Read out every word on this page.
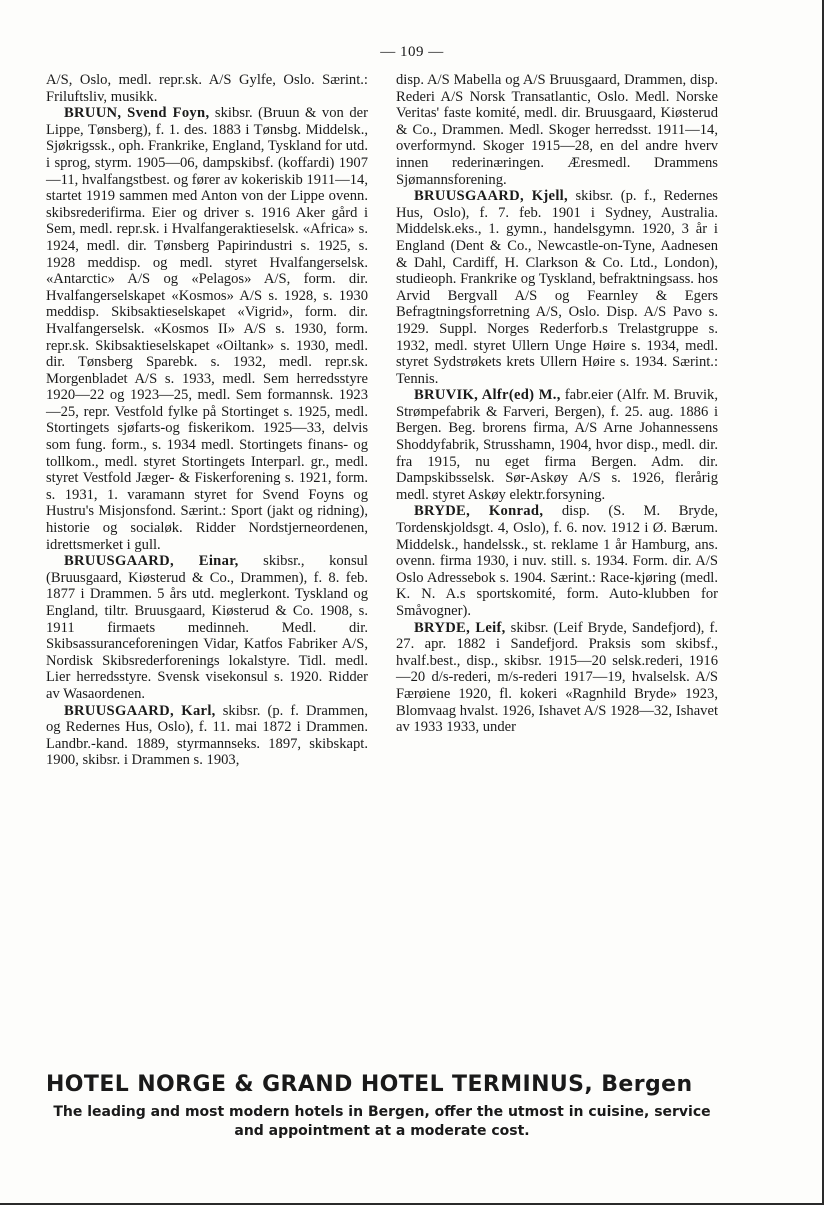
— 109 —

A/S, Oslo, medl. repr.sk. A/S Gylfe, Oslo. Særint.: Friluftsliv, musikk.

BRUUN, Svend Foyn, skibsr. (Bruun & von der Lippe, Tønsberg), f. 1. des. 1883 i Tønsbg. Middelsk., Sjøkrigssk., oph. Frankrike, England, Tyskland for utd. i sprog, styrm. 1905—06, dampskibsf. (koffardi) 1907—11, hvalfangstbest. og fører av kokeriskib 1911—14, startet 1919 sammen med Anton von der Lippe ovenn. skibsrederifirma. Eier og driver s. 1916 Aker gård i Sem, medl. repr.sk. i Hvalfangeraktieselsk. «Africa» s. 1924, medl. dir. Tønsberg Papirindustri s. 1925, s. 1928 meddisp. og medl. styret Hvalfangerselsk. «Antarctic» A/S og «Pelagos» A/S, form. dir. Hvalfangerselskapet «Kosmos» A/S s. 1928, s. 1930 meddisp. Skibsaktieselskapet «Vigrid», form. dir. Hvalfangerselsk. «Kosmos II» A/S s. 1930, form. repr.sk. Skibsaktieselskapet «Oiltank» s. 1930, medl. dir. Tønsberg Sparebk. s. 1932, medl. repr.sk. Morgenbladet A/S s. 1933, medl. Sem herredsstyre 1920—22 og 1923—25, medl. Sem formannsk. 1923—25, repr. Vestfold fylke på Stortinget s. 1925, medl. Stortingets sjøfarts-og fiskerikom. 1925—33, delvis som fung. form., s. 1934 medl. Stortingets finans- og tollkom., medl. styret Stortingets Interparl. gr., medl. styret Vestfold Jæger- & Fiskerforening s. 1921, form. s. 1931, 1. varamann styret for Svend Foyns og Hustru's Misjonsfond. Særint.: Sport (jakt og ridning), historie og socialøk. Ridder Nordstjerneordenen, idrettsmerket i gull.

BRUUSGAARD, Einar, skibsr., konsul (Bruusgaard, Kiøsterud & Co., Drammen), f. 8. feb. 1877 i Drammen. 5 års utd. meglerkont. Tyskland og England, tiltr. Bruusgaard, Kiøsterud & Co. 1908, s. 1911 firmaets medinneh. Medl. dir. Skibsassuranceforeningen Vidar, Katfos Fabriker A/S, Nordisk Skibsrederforenings lokalstyre. Tidl. medl. Lier herredsstyre. Svensk visekonsul s. 1920. Ridder av Wasaordenen.

BRUUSGAARD, Karl, skibsr. (p. f. Drammen, og Redernes Hus, Oslo), f. 11. mai 1872 i Drammen. Landbr.-kand. 1889, styrmannseks. 1897, skibskapt. 1900, skibsr. i Drammen s. 1903,

disp. A/S Mabella og A/S Bruusgaard, Drammen, disp. Rederi A/S Norsk Transatlantic, Oslo. Medl. Norske Veritas' faste komité, medl. dir. Bruusgaard, Kiøsterud & Co., Drammen. Medl. Skoger herredsst. 1911—14, overformynd. Skoger 1915—28, en del andre hverv innen rederinæringen. Æresmedl. Drammens Sjømannsforening.

BRUUSGAARD, Kjell, skibsr. (p. f., Redernes Hus, Oslo), f. 7. feb. 1901 i Sydney, Australia. Middelsk.eks., 1. gymn., handelsgymn. 1920, 3 år i England (Dent & Co., Newcastle-on-Tyne, Aadnesen & Dahl, Cardiff, H. Clarkson & Co. Ltd., London), studieoph. Frankrike og Tyskland, befraktningsass. hos Arvid Bergvall A/S og Fearnley & Egers Befragtningsforretning A/S, Oslo. Disp. A/S Pavo s. 1929. Suppl. Norges Rederforb.s Trelastgruppe s. 1932, medl. styret Ullern Unge Høire s. 1934, medl. styret Sydstrøkets krets Ullern Høire s. 1934. Særint.: Tennis.

BRUVIK, Alfr(ed) M., fabr.eier (Alfr. M. Bruvik, Strømpefabrik & Farveri, Bergen), f. 25. aug. 1886 i Bergen. Beg. brorens firma, A/S Arne Johannessens Shoddyfabrik, Strusshamn, 1904, hvor disp., medl. dir. fra 1915, nu eget firma Bergen. Adm. dir. Dampskibsselsk. Sør-Askøy A/S s. 1926, flerårig medl. styret Askøy elektr.forsyning.

BRYDE, Konrad, disp. (S. M. Bryde, Tordenskjoldsgt. 4, Oslo), f. 6. nov. 1912 i Ø. Bærum. Middelsk., handelssk., st. reklame 1 år Hamburg, ans. ovenn. firma 1930, i nuv. still. s. 1934. Form. dir. A/S Oslo Adressebok s. 1904. Særint.: Race-kjøring (medl. K. N. A.s sportskomité, form. Auto-klubben for Småvogner).

BRYDE, Leif, skibsr. (Leif Bryde, Sandefjord), f. 27. apr. 1882 i Sandefjord. Praksis som skibsf., hvalf.best., disp., skibsr. 1915—20 selsk.rederi, 1916—20 d/s-rederi, m/s-rederi 1917—19, hvalselsk. A/S Færøiene 1920, fl. kokeri «Ragnhild Bryde» 1923, Blomvaag hvalst. 1926, Ishavet A/S 1928—32, Ishavet av 1933 1933, under

HOTEL NORGE & GRAND HOTEL TERMINUS, Bergen

The leading and most modern hotels in Bergen, offer the utmost in cuisine, service and appointment at a moderate cost.
